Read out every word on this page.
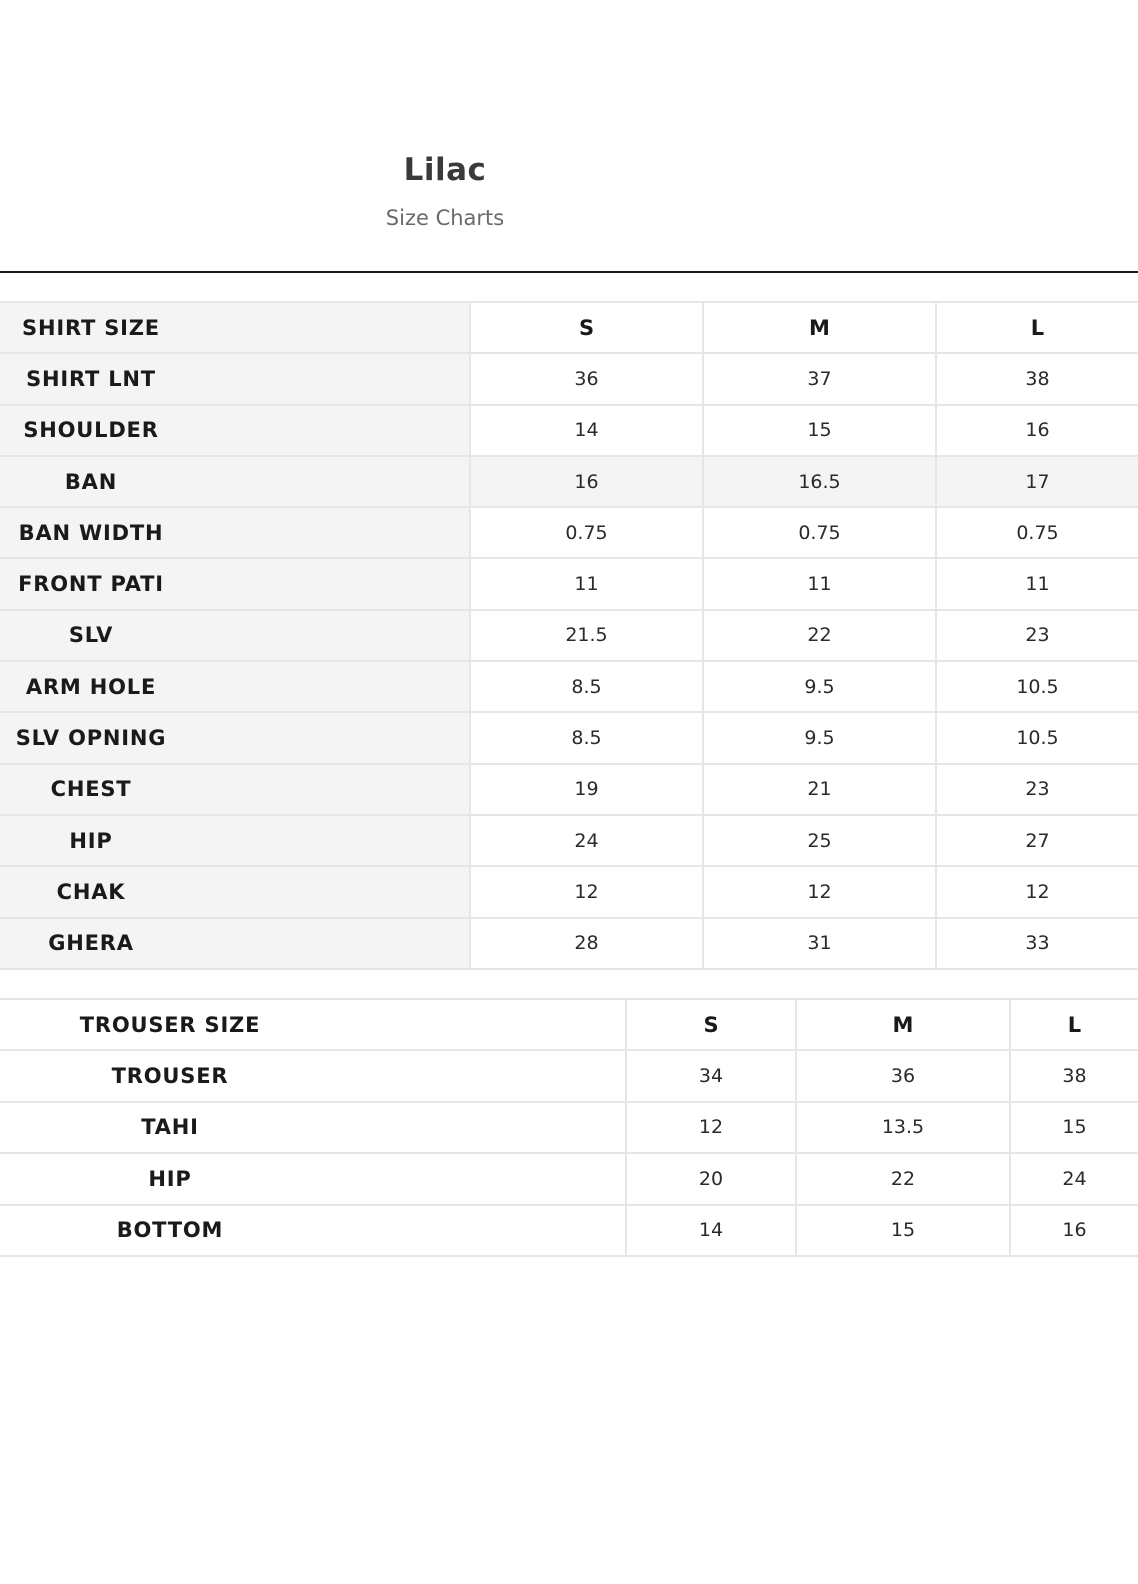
Lilac
Size Charts
SHIRT SIZE	S	M	L

SHIRT LNT	36	37	38

SHOULDER	14	15	16

BAN	16	16.5	17

BAN WIDTH	0.75	0.75	0.75

FRONT PATI	11	11	11

SLV	21.5	22	23

ARM HOLE	8.5	9.5	10.5

SLV OPNING	8.5	9.5	10.5

CHEST	19	21	23

HIP	24	25	27

CHAK	12	12	12

GHERA	28	31	33
TROUSER SIZE	S	M	L

TROUSER	34	36	38

TAHI	12	13.5	15

HIP	20	22	24

BOTTOM	14	15	16
